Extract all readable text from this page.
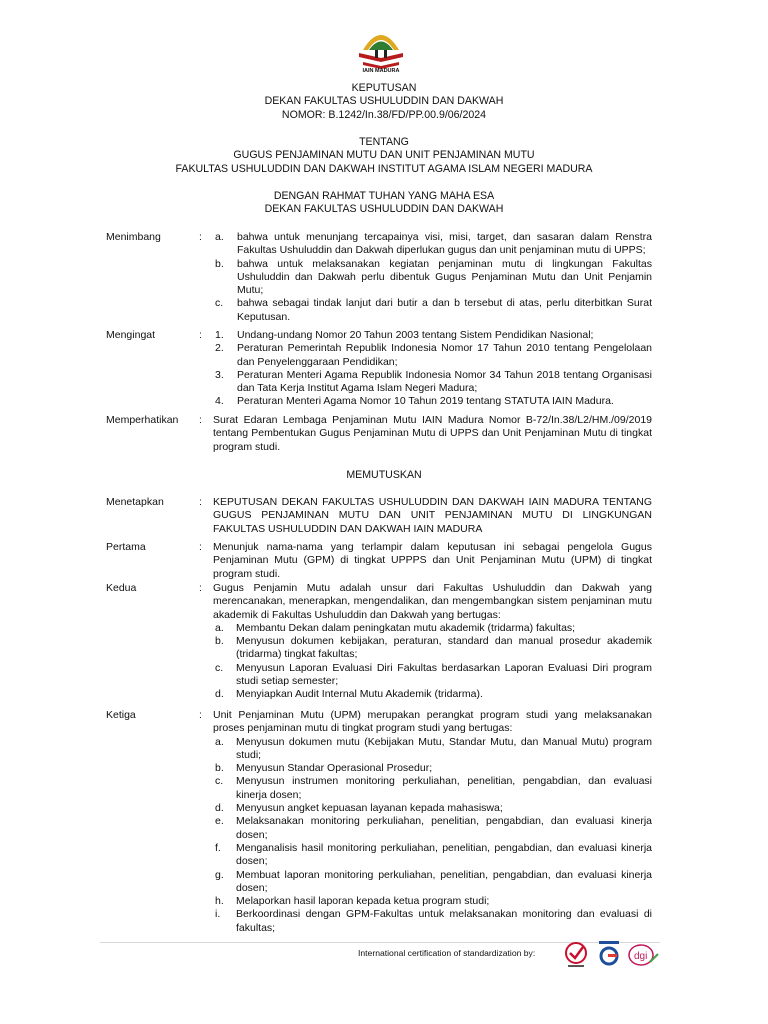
IAIN MADURA
KEPUTUSAN
DEKAN FAKULTAS USHULUDDIN DAN DAKWAH
NOMOR: B.1242/In.38/FD/PP.00.9/06/2024
TENTANG
GUGUS PENJAMINAN MUTU DAN UNIT PENJAMINAN MUTU
FAKULTAS USHULUDDIN DAN DAKWAH INSTITUT AGAMA ISLAM NEGERI MADURA
DENGAN RAHMAT TUHAN YANG MAHA ESA
DEKAN FAKULTAS USHULUDDIN DAN DAKWAH
Menimbang	: a. bahwa untuk menunjang tercapainya visi, misi, target, dan sasaran dalam Renstra Fakultas Ushuluddin dan Dakwah diperlukan gugus dan unit penjaminan mutu di UPPS;
b. bahwa untuk melaksanakan kegiatan penjaminan mutu di lingkungan Fakultas Ushuluddin dan Dakwah perlu dibentuk Gugus Penjaminan Mutu dan Unit Penjamin Mutu;
c. bahwa sebagai tindak lanjut dari butir a dan b tersebut di atas, perlu diterbitkan Surat Keputusan.
Mengingat	: 1. Undang-undang Nomor 20 Tahun 2003 tentang Sistem Pendidikan Nasional;
2. Peraturan Pemerintah Republik Indonesia Nomor 17 Tahun 2010 tentang Pengelolaan dan Penyelenggaraan Pendidikan;
3. Peraturan Menteri Agama Republik Indonesia Nomor 34 Tahun 2018 tentang Organisasi dan Tata Kerja Institut Agama Islam Negeri Madura;
4. Peraturan Menteri Agama Nomor 10 Tahun 2019 tentang STATUTA IAIN Madura.
Memperhatikan : Surat Edaran Lembaga Penjaminan Mutu IAIN Madura Nomor B-72/In.38/L2/HM./09/2019 tentang Pembentukan Gugus Penjaminan Mutu di UPPS dan Unit Penjaminan Mutu di tingkat program studi.
MEMUTUSKAN
Menetapkan	: KEPUTUSAN DEKAN FAKULTAS USHULUDDIN DAN DAKWAH IAIN MADURA TENTANG GUGUS PENJAMINAN MUTU DAN UNIT PENJAMINAN MUTU DI LINGKUNGAN FAKULTAS USHULUDDIN DAN DAKWAH IAIN MADURA
Pertama	: Menunjuk nama-nama yang terlampir dalam keputusan ini sebagai pengelola Gugus Penjaminan Mutu (GPM) di tingkat UPPPS dan Unit Penjaminan Mutu (UPM) di tingkat program studi.
Kedua	: Gugus Penjamin Mutu adalah unsur dari Fakultas Ushuluddin dan Dakwah yang merencanakan, menerapkan, mengendalikan, dan mengembangkan sistem penjaminan mutu akademik di Fakultas Ushuluddin dan Dakwah yang bertugas:
a. Membantu Dekan dalam peningkatan mutu akademik (tridarma) fakultas;
b. Menyusun dokumen kebijakan, peraturan, standard dan manual prosedur akademik (tridarma) tingkat fakultas;
c. Menyusun Laporan Evaluasi Diri Fakultas berdasarkan Laporan Evaluasi Diri program studi setiap semester;
d. Menyiapkan Audit Internal Mutu Akademik (tridarma).
Ketiga	: Unit Penjaminan Mutu (UPM) merupakan perangkat program studi yang melaksanakan proses penjaminan mutu di tingkat program studi yang bertugas:
a. Menyusun dokumen mutu (Kebijakan Mutu, Standar Mutu, dan Manual Mutu) program studi;
b. Menyusun Standar Operasional Prosedur;
c. Menyusun instrumen monitoring perkuliahan, penelitian, pengabdian, dan evaluasi kinerja dosen;
d. Menyusun angket kepuasan layanan kepada mahasiswa;
e. Melaksanakan monitoring perkuliahan, penelitian, pengabdian, dan evaluasi kinerja dosen;
f. Menganalisis hasil monitoring perkuliahan, penelitian, pengabdian, dan evaluasi kinerja dosen;
g. Membuat laporan monitoring perkuliahan, penelitian, pengabdian, dan evaluasi kinerja dosen;
h. Melaporkan hasil laporan kepada ketua program studi;
i. Berkoordinasi dengan GPM-Fakultas untuk melaksanakan monitoring dan evaluasi di fakultas;
International certification of standardization by:	dgi
